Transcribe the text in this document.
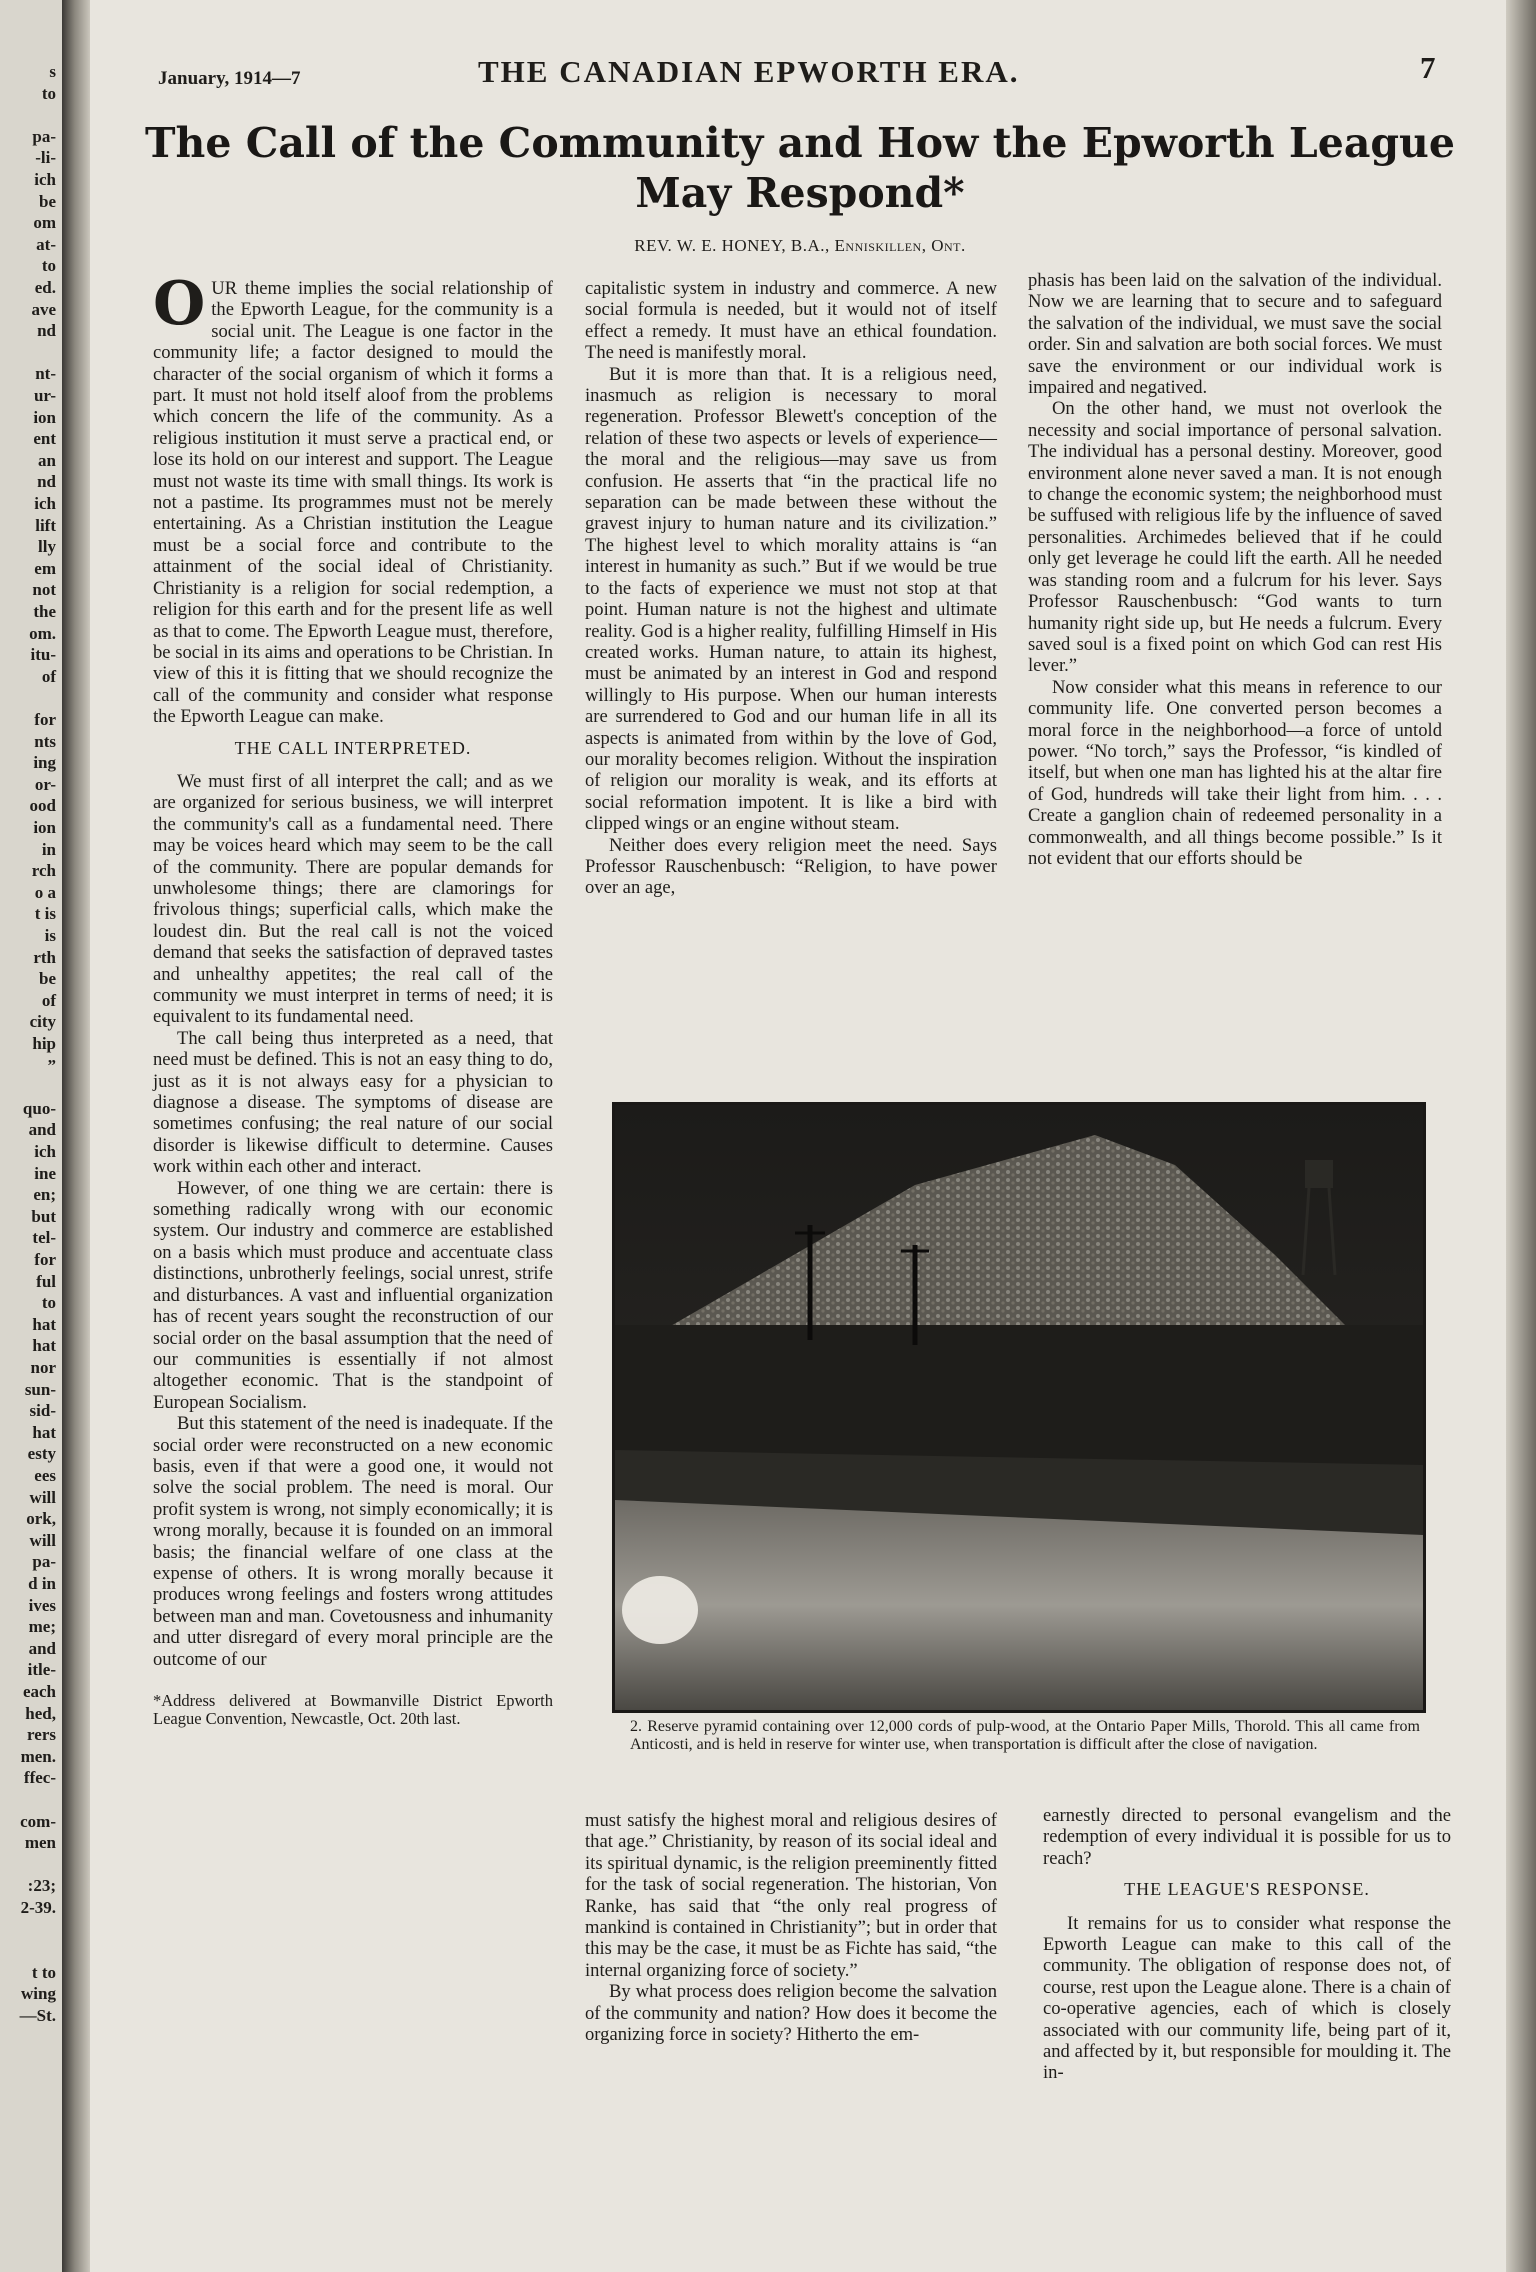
s
to
pa-
-li-
ich
be
om
at-
to
ed.
ave
nd
nt-
ur-
ion
ent
an
nd
ich
lift
lly
em
not
the
om.
itu-
of
for
nts
ing
or-
ood
ion
in
rch
o a
t is
is
rth
be
of
city
hip
”
quo-
and
ich
ine
en;
but
tel-
for
ful
to
hat
hat
nor
sun-
sid-
hat
esty
ees
will
ork,
will
pa-
d in
ives
me;
and
itle-
each
hed,
rers
men.
ffec-
com-
men
:23;
2-39.
t to
wing
—St.
January, 1914—7	THE CANADIAN EPWORTH ERA.	7
The Call of the Community and How the Epworth League
May Respond*
REV. W. E. HONEY, B.A., Enniskillen, Ont.

OUR theme implies the social relationship of the Epworth League, for the community is a social unit. The League is one factor in the community life; a factor designed to mould the character of the social organism of which it forms a part. It must not hold itself aloof from the problems which concern the life of the community. As a religious institution it must serve a practical end, or lose its hold on our interest and support. The League must not waste its time with small things. Its work is not a pastime. Its programmes must not be merely entertaining. As a Christian institution the League must be a social force and contribute to the attainment of the social ideal of Christianity. Christianity is a religion for social redemption, a religion for this earth and for the present life as well as that to come. The Epworth League must, therefore, be social in its aims and operations to be Christian. In view of this it is fitting that we should recognize the call of the community and consider what response the Epworth League can make.

THE CALL INTERPRETED.

We must first of all interpret the call; and as we are organized for serious business, we will interpret the community's call as a fundamental need. There may be voices heard which may seem to be the call of the community. There are popular demands for unwholesome things; there are clamorings for frivolous things; superficial calls, which make the loudest din. But the real call is not the voiced demand that seeks the satisfaction of depraved tastes and unhealthy appetites; the real call of the community we must interpret in terms of need; it is equivalent to its fundamental need.

The call being thus interpreted as a need, that need must be defined. This is not an easy thing to do, just as it is not always easy for a physician to diagnose a disease. The symptoms of disease are sometimes confusing; the real nature of our social disorder is likewise difficult to determine. Causes work within each other and interact.

However, of one thing we are certain: there is something radically wrong with our economic system. Our industry and commerce are established on a basis which must produce and accentuate class distinctions, unbrotherly feelings, social unrest, strife and disturbances. A vast and influential organization has of recent years sought the reconstruction of our social order on the basal assumption that the need of our communities is essentially if not almost altogether economic. That is the standpoint of European Socialism.

But this statement of the need is inadequate. If the social order were reconstructed on a new economic basis, even if that were a good one, it would not solve the social problem. The need is moral. Our profit system is wrong, not simply economically; it is wrong morally, because it is founded on an immoral basis; the financial welfare of one class at the expense of others. It is wrong morally because it produces wrong feelings and fosters wrong attitudes between man and man. Covetousness and inhumanity and utter disregard of every moral principle are the outcome of our

*Address delivered at Bowmanville District Epworth League Convention, Newcastle, Oct. 20th last.

capitalistic system in industry and commerce. A new social formula is needed, but it would not of itself effect a remedy. It must have an ethical foundation. The need is manifestly moral.

But it is more than that. It is a religious need, inasmuch as religion is necessary to moral regeneration. Professor Blewett's conception of the relation of these two aspects or levels of experience—the moral and the religious—may save us from confusion. He asserts that “in the practical life no separation can be made between these without the gravest injury to human nature and its civilization.” The highest level to which morality attains is “an interest in humanity as such.” But if we would be true to the facts of experience we must not stop at that point. Human nature is not the highest and ultimate reality. God is a higher reality, fulfilling Himself in His created works. Human nature, to attain its highest, must be animated by an interest in God and respond willingly to His purpose. When our human interests are surrendered to God and our human life in all its aspects is animated from within by the love of God, our morality becomes religion. Without the inspiration of religion our morality is weak, and its efforts at social reformation impotent. It is like a bird with clipped wings or an engine without steam.

Neither does every religion meet the need. Says Professor Rauschenbusch: “Religion, to have power over an age,

phasis has been laid on the salvation of the individual. Now we are learning that to secure and to safeguard the salvation of the individual, we must save the social order. Sin and salvation are both social forces. We must save the environment or our individual work is impaired and negatived.

On the other hand, we must not overlook the necessity and social importance of personal salvation. The individual has a personal destiny. Moreover, good environment alone never saved a man. It is not enough to change the economic system; the neighborhood must be suffused with religious life by the influence of saved personalities. Archimedes believed that if he could only get leverage he could lift the earth. All he needed was standing room and a fulcrum for his lever. Says Professor Rauschenbusch: “God wants to turn humanity right side up, but He needs a fulcrum. Every saved soul is a fixed point on which God can rest His lever.”

Now consider what this means in reference to our community life. One converted person becomes a moral force in the neighborhood—a force of untold power. “No torch,” says the Professor, “is kindled of itself, but when one man has lighted his at the altar fire of God, hundreds will take their light from him. . . . Create a ganglion chain of redeemed personality in a commonwealth, and all things become possible.” Is it not evident that our efforts should be

2. Reserve pyramid containing over 12,000 cords of pulp-wood, at the Ontario Paper Mills, Thorold. This all came from Anticosti, and is held in reserve for winter use, when transportation is difficult after the close of navigation.

must satisfy the highest moral and religious desires of that age.” Christianity, by reason of its social ideal and its spiritual dynamic, is the religion preeminently fitted for the task of social regeneration. The historian, Von Ranke, has said that “the only real progress of mankind is contained in Christianity”; but in order that this may be the case, it must be as Fichte has said, “the internal organizing force of society.”

By what process does religion become the salvation of the community and nation? How does it become the organizing force in society? Hitherto the em-

earnestly directed to personal evangelism and the redemption of every individual it is possible for us to reach?

THE LEAGUE'S RESPONSE.

It remains for us to consider what response the Epworth League can make to this call of the community. The obligation of response does not, of course, rest upon the League alone. There is a chain of co-operative agencies, each of which is closely associated with our community life, being part of it, and affected by it, but responsible for moulding it. The in-
